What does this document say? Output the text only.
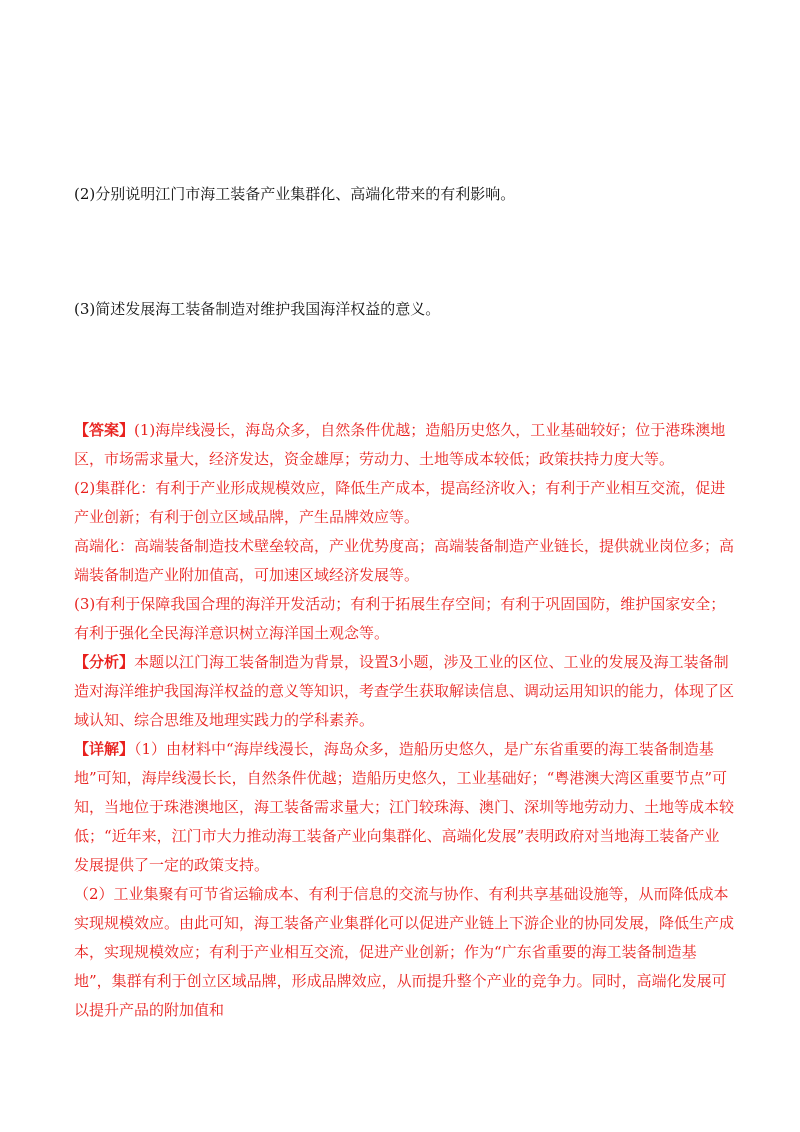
(2)分别说明江门市海工装备产业集群化、高端化带来的有利影响。
(3)简述发展海工装备制造对维护我国海洋权益的意义。

【答案】(1)海岸线漫长，海岛众多，自然条件优越；造船历史悠久，工业基础较好；位于港珠澳地区，市场需求量大，经济发达，资金雄厚；劳动力、土地等成本较低；政策扶持力度大等。

(2)集群化：有利于产业形成规模效应，降低生产成本，提高经济收入；有利于产业相互交流，促进产业创新；有利于创立区域品牌，产生品牌效应等。

高端化：高端装备制造技术壁垒较高，产业优势度高；高端装备制造产业链长，提供就业岗位多；高端装备制造产业附加值高，可加速区域经济发展等。

(3)有利于保障我国合理的海洋开发活动；有利于拓展生存空间；有利于巩固国防，维护国家安全；有利于强化全民海洋意识树立海洋国土观念等。

【分析】本题以江门海工装备制造为背景，设置3小题，涉及工业的区位、工业的发展及海工装备制造对海洋维护我国海洋权益的意义等知识，考查学生获取解读信息、调动运用知识的能力，体现了区域认知、综合思维及地理实践力的学科素养。

【详解】（1）由材料中“海岸线漫长，海岛众多，造船历史悠久，是广东省重要的海工装备制造基地”可知，海岸线漫长长，自然条件优越；造船历史悠久，工业基础好；“粤港澳大湾区重要节点”可知，当地位于珠港澳地区，海工装备需求量大；江门较珠海、澳门、深圳等地劳动力、土地等成本较低；“近年来，江门市大力推动海工装备产业向集群化、高端化发展”表明政府对当地海工装备产业发展提供了一定的政策支持。

（2）工业集聚有可节省运输成本、有利于信息的交流与协作、有利共享基础设施等，从而降低成本实现规模效应。由此可知，海工装备产业集群化可以促进产业链上下游企业的协同发展，降低生产成本，实现规模效应；有利于产业相互交流，促进产业创新；作为“广东省重要的海工装备制造基地”，集群有利于创立区域品牌，形成品牌效应，从而提升整个产业的竞争力。同时，高端化发展可以提升产品的附加值和
